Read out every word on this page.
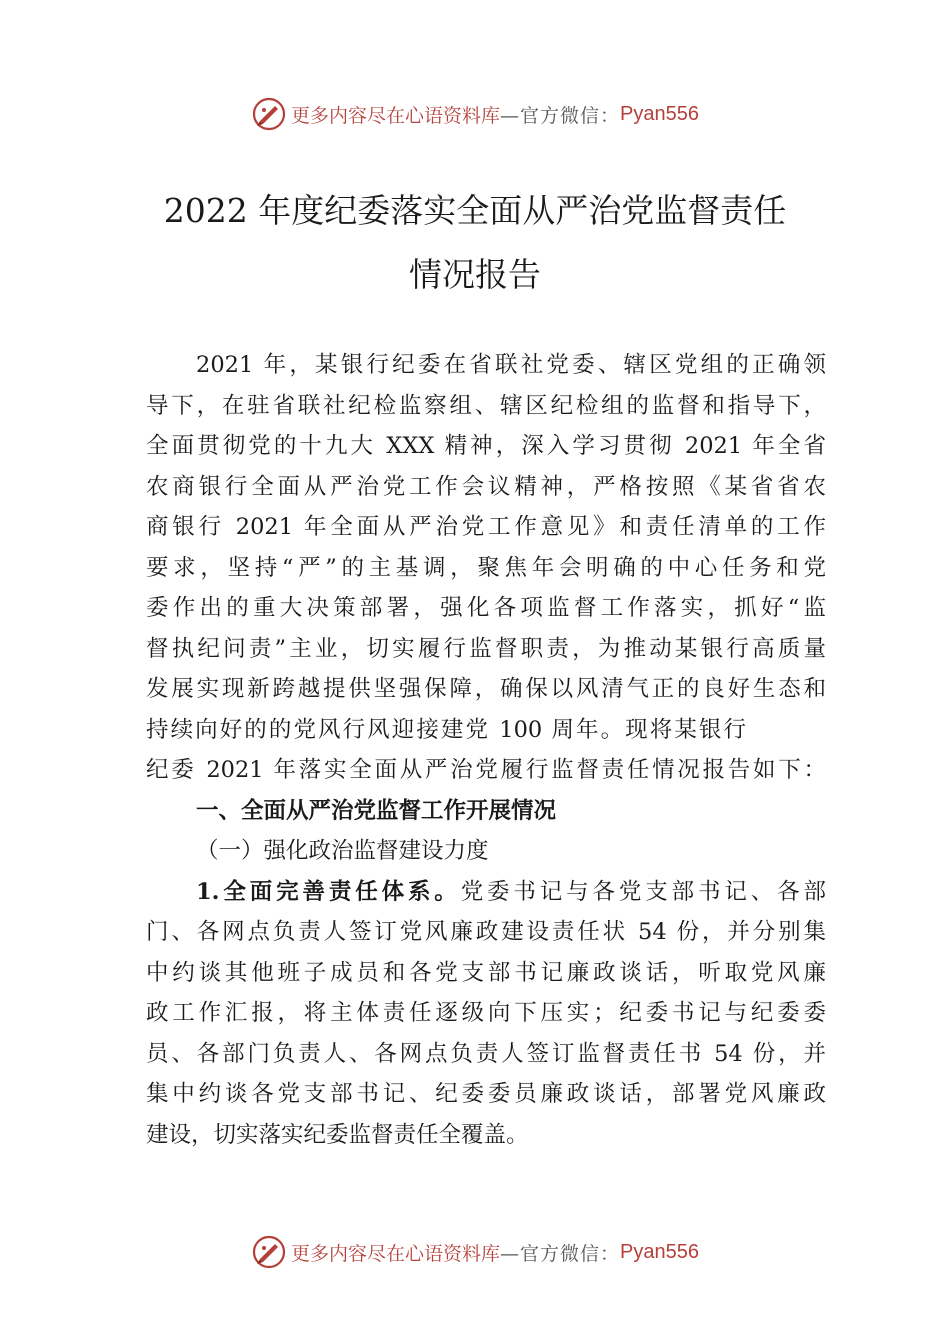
更多内容尽在心语资料库 —官方微信： Pyan556
2022 年度纪委落实全面从严治党监督责任
情况报告
2021 年，某银行纪委在省联社党委、辖区党组的正确领
导下，在驻省联社纪检监察组、辖区纪检组的监督和指导下，
全面贯彻党的十九大 XXX 精神，深入学习贯彻 2021 年全省
农商银行全面从严治党工作会议精神，严格按照《某省省农
商银行 2021 年全面从严治党工作意见》和责任清单的工作
要求，坚持“严”的主基调，聚焦年会明确的中心任务和党
委作出的重大决策部署，强化各项监督工作落实，抓好“监
督执纪问责”主业，切实履行监督职责，为推动某银行高质量
发展实现新跨越提供坚强保障，确保以风清气正的良好生态和
持续向好的的党风行风迎接建党 100 周年。现将某银行
纪委 2021 年落实全面从严治党履行监督责任情况报告如下：
一、全面从严治党监督工作开展情况
（一）强化政治监督建设力度
1.全面完善责任体系。党委书记与各党支部书记、各部
门、各网点负责人签订党风廉政建设责任状 54 份，并分别集
中约谈其他班子成员和各党支部书记廉政谈话，听取党风廉
政工作汇报，将主体责任逐级向下压实；纪委书记与纪委委
员、各部门负责人、各网点负责人签订监督责任书 54 份，并
集中约谈各党支部书记、纪委委员廉政谈话，部署党风廉政
建设，切实落实纪委监督责任全覆盖。
更多内容尽在心语资料库 —官方微信： Pyan556
